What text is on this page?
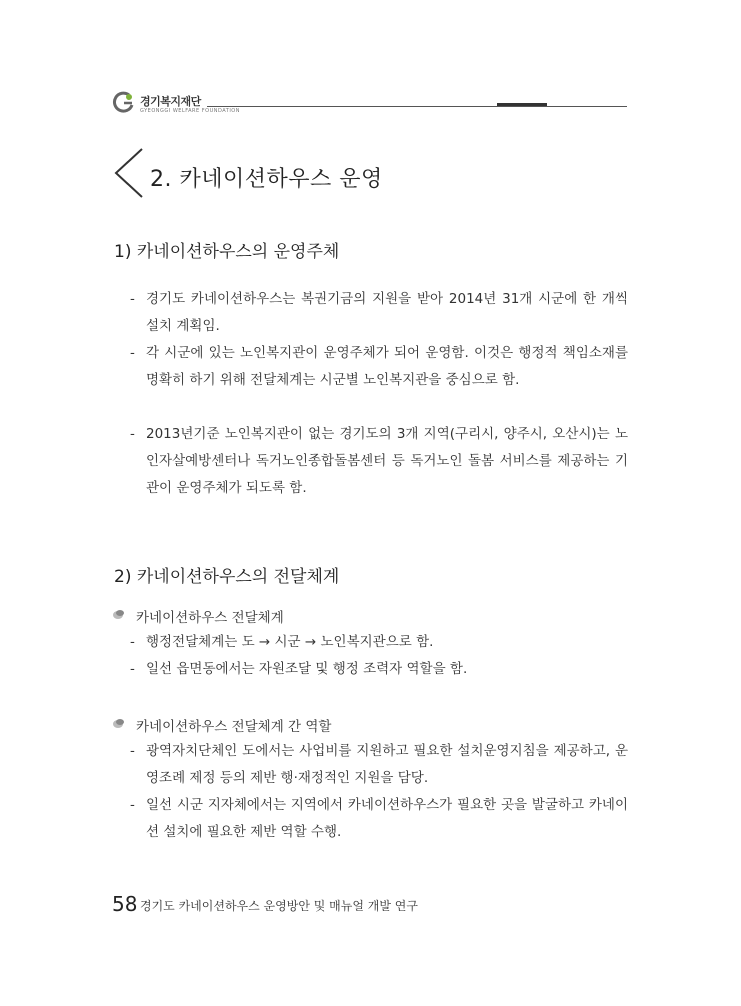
경기복지재단
GYEONGGI WELFARE FOUNDATION
2. 카네이션하우스 운영
1) 카네이션하우스의 운영주체
- 경기도 카네이션하우스는 복권기금의 지원을 받아 2014년 31개 시군에 한 개씩 설치 계획임.
- 각 시군에 있는 노인복지관이 운영주체가 되어 운영함. 이것은 행정적 책임소재를 명확히 하기 위해 전달체계는 시군별 노인복지관을 중심으로 함.
- 2013년기준 노인복지관이 없는 경기도의 3개 지역(구리시, 양주시, 오산시)는 노인자살예방센터나 독거노인종합돌봄센터 등 독거노인 돌봄 서비스를 제공하는 기관이 운영주체가 되도록 함.
2) 카네이션하우스의 전달체계
카네이션하우스 전달체계
- 행정전달체계는 도 → 시군 → 노인복지관으로 함.
- 일선 읍면동에서는 자원조달 및 행정 조력자 역할을 함.
카네이션하우스 전달체계 간 역할
- 광역자치단체인 도에서는 사업비를 지원하고 필요한 설치운영지침을 제공하고, 운영조례 제정 등의 제반 행·재정적인 지원을 담당.
- 일선 시군 지자체에서는 지역에서 카네이션하우스가 필요한 곳을 발굴하고 카네이션 설치에 필요한 제반 역할 수행.
58 경기도 카네이션하우스 운영방안 및 매뉴얼 개발 연구
